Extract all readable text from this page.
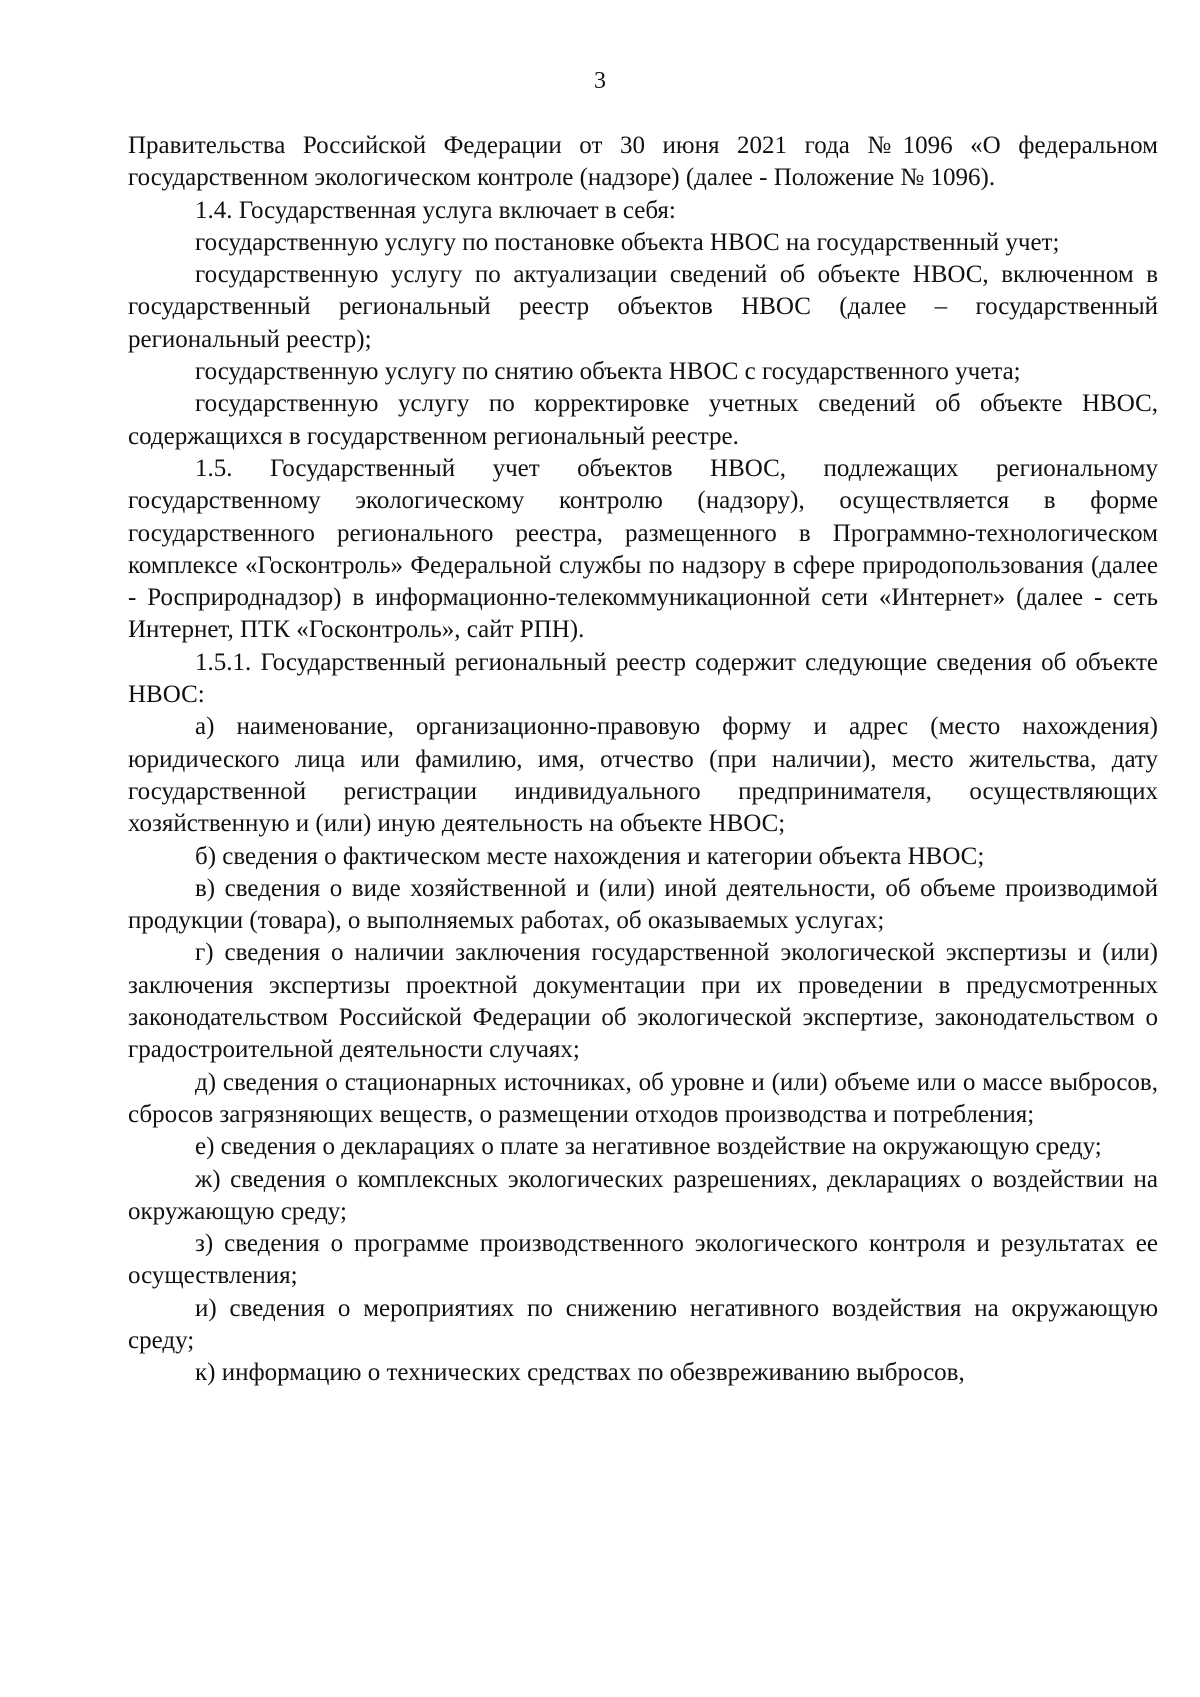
3

Правительства Российской Федерации от 30 июня 2021 года №1096 «О федеральном государственном экологическом контроле (надзоре) (далее - Положение № 1096).

1.4. Государственная услуга включает в себя:

государственную услугу по постановке объекта НВОС на государственный учет;

государственную услугу по актуализации сведений об объекте НВОС, включенном в государственный региональный реестр объектов НВОС (далее – государственный региональный реестр);

государственную услугу по снятию объекта НВОС с государственного учета;

государственную услугу по корректировке учетных сведений об объекте НВОС, содержащихся в государственном региональный реестре.

1.5. Государственный учет объектов НВОС, подлежащих региональному государственному экологическому контролю (надзору), осуществляется в форме государственного регионального реестра, размещенного в Программно-технологическом комплексе «Госконтроль» Федеральной службы по надзору в сфере природопользования (далее - Росприроднадзор) в информационно-телекоммуникационной сети «Интернет» (далее - сеть Интернет, ПТК «Госконтроль», сайт РПН).

1.5.1. Государственный региональный реестр содержит следующие сведения об объекте НВОС:

а) наименование, организационно-правовую форму и адрес (место нахождения) юридического лица или фамилию, имя, отчество (при наличии), место жительства, дату государственной регистрации индивидуального предпринимателя, осуществляющих хозяйственную и (или) иную деятельность на объекте НВОС;

б) сведения о фактическом месте нахождения и категории объекта НВОС;

в) сведения о виде хозяйственной и (или) иной деятельности, об объеме производимой продукции (товара), о выполняемых работах, об оказываемых услугах;

г) сведения о наличии заключения государственной экологической экспертизы и (или) заключения экспертизы проектной документации при их проведении в предусмотренных законодательством Российской Федерации об экологической экспертизе, законодательством о градостроительной деятельности случаях;

д) сведения о стационарных источниках, об уровне и (или) объеме или о массе выбросов, сбросов загрязняющих веществ, о размещении отходов производства и потребления;

е) сведения о декларациях о плате за негативное воздействие на окружающую среду;

ж) сведения о комплексных экологических разрешениях, декларациях о воздействии на окружающую среду;

з) сведения о программе производственного экологического контроля и результатах ее осуществления;

и) сведения о мероприятиях по снижению негативного воздействия на окружающую среду;

к) информацию о технических средствах по обезвреживанию выбросов,
